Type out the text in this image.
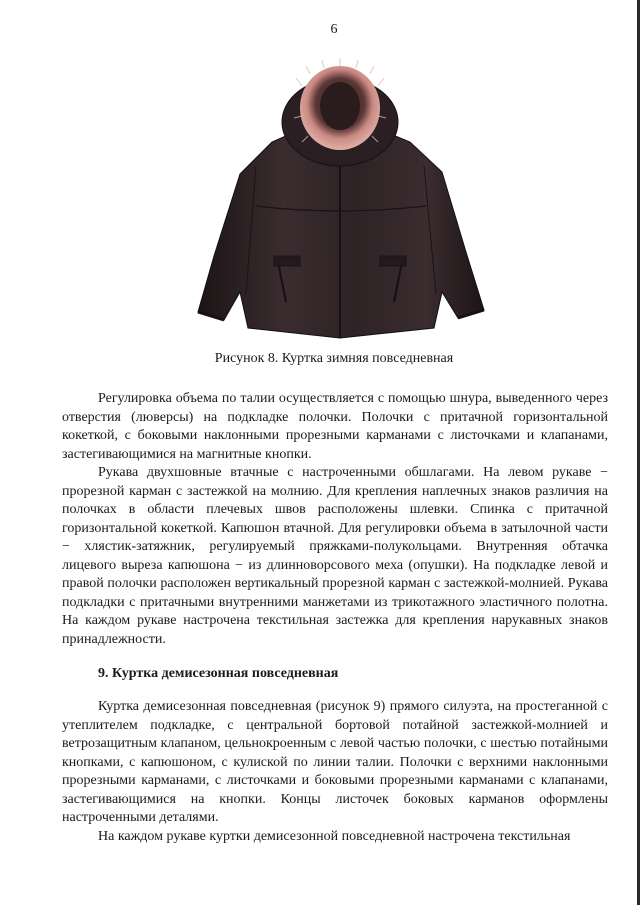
6
Рисунок 8. Куртка зимняя повседневная

Регулировка объема по талии осуществляется с помощью шнура, выведенного через отверстия (люверсы) на подкладке полочки. Полочки с притачной горизонтальной кокеткой, с боковыми наклонными прорезными карманами с листочками и клапанами, застегивающимися на магнитные кнопки.

Рукава двухшовные втачные с настроченными обшлагами. На левом рукаве − прорезной карман с застежкой на молнию. Для крепления наплечных знаков различия на полочках в области плечевых швов расположены шлевки. Спинка с притачной горизонтальной кокеткой. Капюшон втачной. Для регулировки объема в затылочной части − хлястик-затяжник, регулируемый пряжками-полукольцами. Внутренняя обтачка лицевого выреза капюшона − из длинноворсового меха (опушки). На подкладке левой и правой полочки расположен вертикальный прорезной карман с застежкой-молнией. Рукава подкладки с притачными внутренними манжетами из трикотажного эластичного полотна. На каждом рукаве настрочена текстильная застежка для крепления нарукавных знаков принадлежности.

9. Куртка демисезонная повседневная

Куртка демисезонная повседневная (рисунок 9) прямого силуэта, на простеганной с утеплителем подкладке, с центральной бортовой потайной застежкой-молнией и ветрозащитным клапаном, цельнокроенным с левой частью полочки, с шестью потайными кнопками, с капюшоном, с кулиской по линии талии. Полочки с верхними наклонными прорезными карманами, с листочками и боковыми прорезными карманами с клапанами, застегивающимися на кнопки. Концы листочек боковых карманов оформлены настроченными деталями.

На каждом рукаве куртки демисезонной повседневной настрочена текстильная
